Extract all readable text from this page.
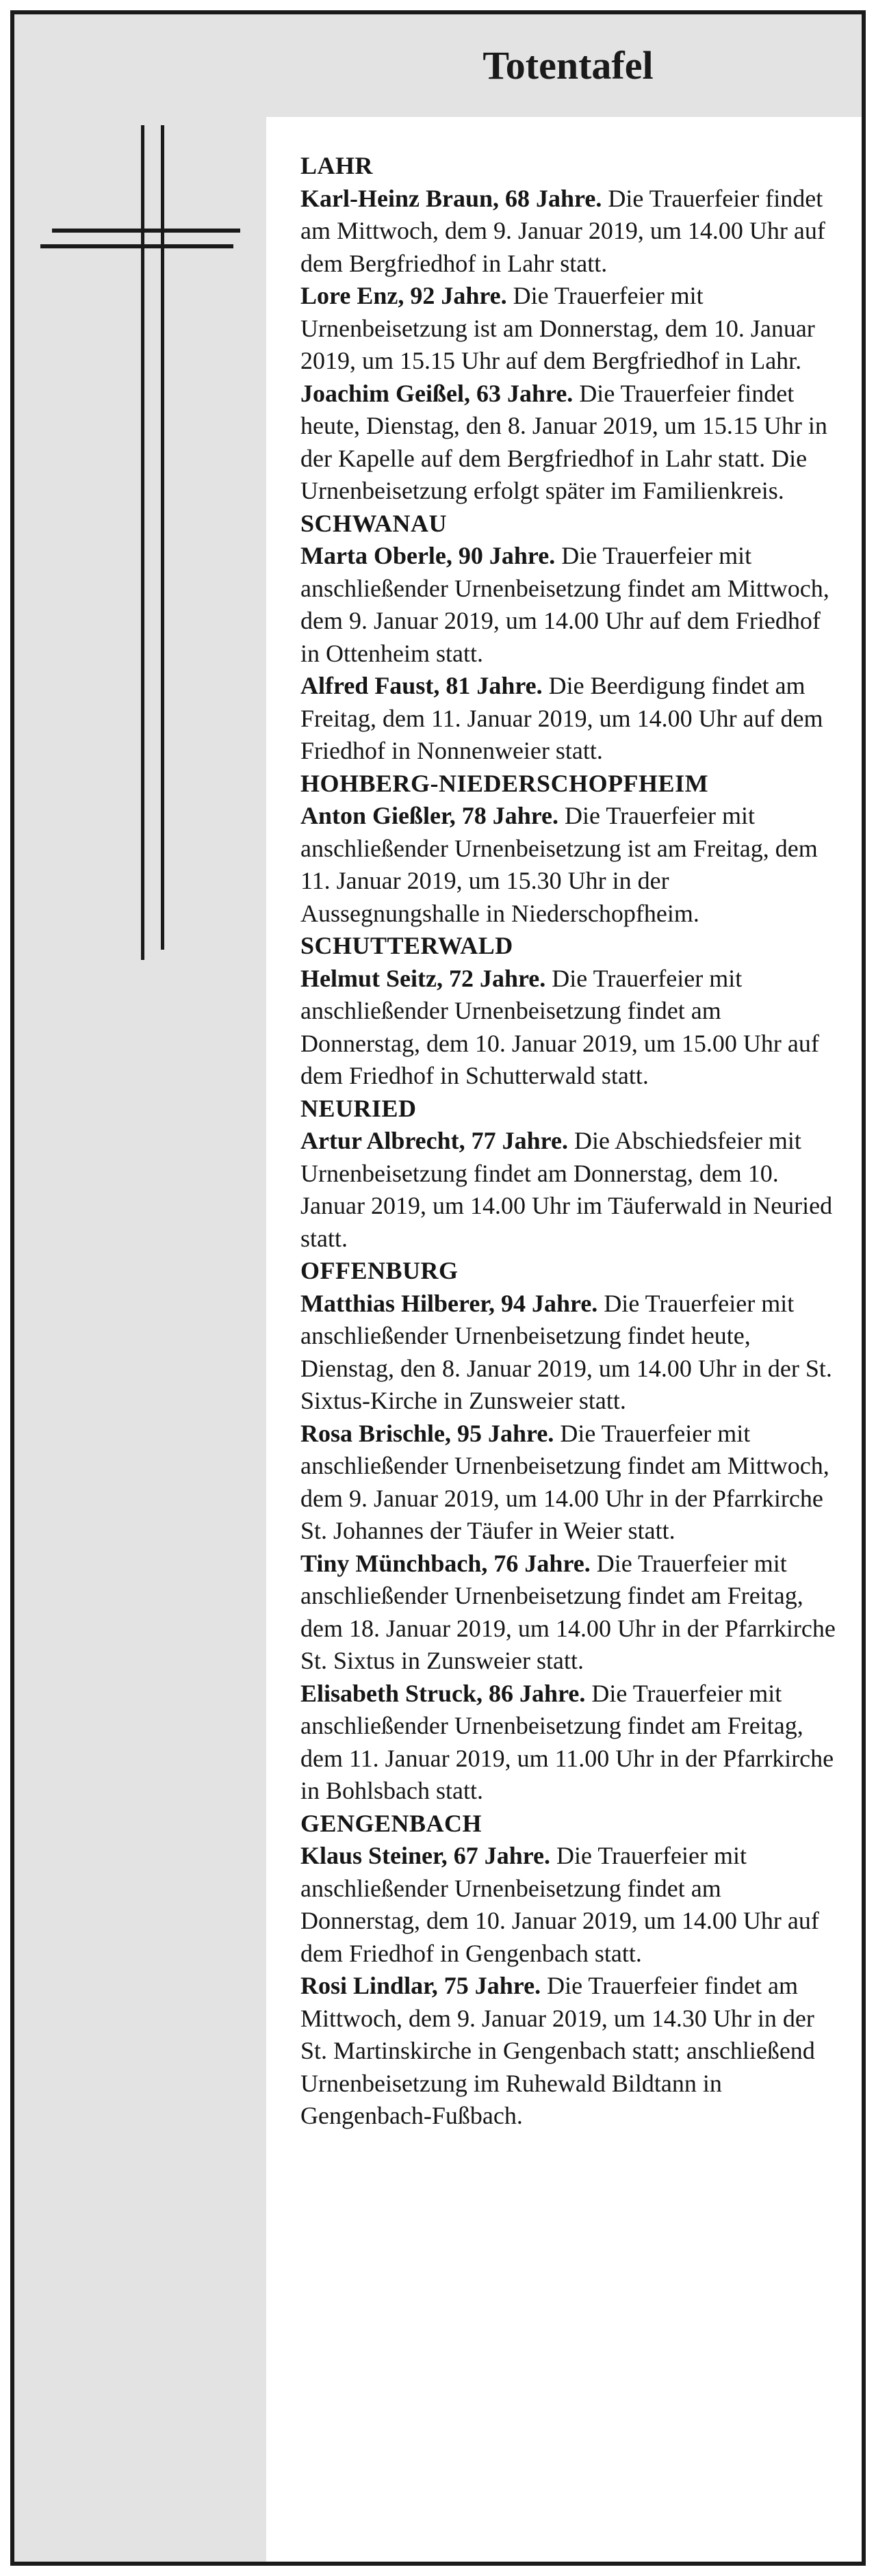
Totentafel
LAHR
Karl-Heinz Braun, 68 Jahre. Die Trauerfeier findet am Mittwoch, dem 9. Januar 2019, um 14.00 Uhr auf dem Bergfriedhof in Lahr statt.
Lore Enz, 92 Jahre. Die Trauerfeier mit Urnenbeisetzung ist am Donnerstag, dem 10. Januar 2019, um 15.15 Uhr auf dem Bergfriedhof in Lahr.
Joachim Geißel, 63 Jahre. Die Trauerfeier findet heute, Dienstag, den 8. Januar 2019, um 15.15 Uhr in der Kapelle auf dem Bergfriedhof in Lahr statt. Die Urnenbeisetzung erfolgt später im Familienkreis.
SCHWANAU
Marta Oberle, 90 Jahre. Die Trauerfeier mit anschließender Urnenbeisetzung findet am Mittwoch, dem 9. Januar 2019, um 14.00 Uhr auf dem Friedhof in Ottenheim statt.
Alfred Faust, 81 Jahre. Die Beerdigung findet am Freitag, dem 11. Januar 2019, um 14.00 Uhr auf dem Friedhof in Nonnenweier statt.
HOHBERG-NIEDERSCHOPFHEIM
Anton Gießler, 78 Jahre. Die Trauerfeier mit anschließender Urnenbeisetzung ist am Freitag, dem 11. Januar 2019, um 15.30 Uhr in der Aussegnungshalle in Niederschopfheim.
SCHUTTERWALD
Helmut Seitz, 72 Jahre. Die Trauerfeier mit anschließender Urnenbeisetzung findet am Donnerstag, dem 10. Januar 2019, um 15.00 Uhr auf dem Friedhof in Schutterwald statt.
NEURIED
Artur Albrecht, 77 Jahre. Die Abschiedsfeier mit Urnenbeisetzung findet am Donnerstag, dem 10. Januar 2019, um 14.00 Uhr im Täuferwald in Neuried statt.
OFFENBURG
Matthias Hilberer, 94 Jahre. Die Trauerfeier mit anschließender Urnenbeisetzung findet heute, Dienstag, den 8. Januar 2019, um 14.00 Uhr in der St. Sixtus-Kirche in Zunsweier statt.
Rosa Brischle, 95 Jahre. Die Trauerfeier mit anschließender Urnenbeisetzung findet am Mittwoch, dem 9. Januar 2019, um 14.00 Uhr in der Pfarrkirche St. Johannes der Täufer in Weier statt.
Tiny Münchbach, 76 Jahre. Die Trauerfeier mit anschließender Urnenbeisetzung findet am Freitag, dem 18. Januar 2019, um 14.00 Uhr in der Pfarrkirche St. Sixtus in Zunsweier statt.
Elisabeth Struck, 86 Jahre. Die Trauerfeier mit anschließender Urnenbeisetzung findet am Freitag, dem 11. Januar 2019, um 11.00 Uhr in der Pfarrkirche in Bohlsbach statt.
GENGENBACH
Klaus Steiner, 67 Jahre. Die Trauerfeier mit anschließender Urnenbeisetzung findet am Donnerstag, dem 10. Januar 2019, um 14.00 Uhr auf dem Friedhof in Gengenbach statt.
Rosi Lindlar, 75 Jahre. Die Trauerfeier findet am Mittwoch, dem 9. Januar 2019, um 14.30 Uhr in der St. Martinskirche in Gengenbach statt; anschließend Urnenbeisetzung im Ruhewald Bildtann in Gengenbach-Fußbach.
